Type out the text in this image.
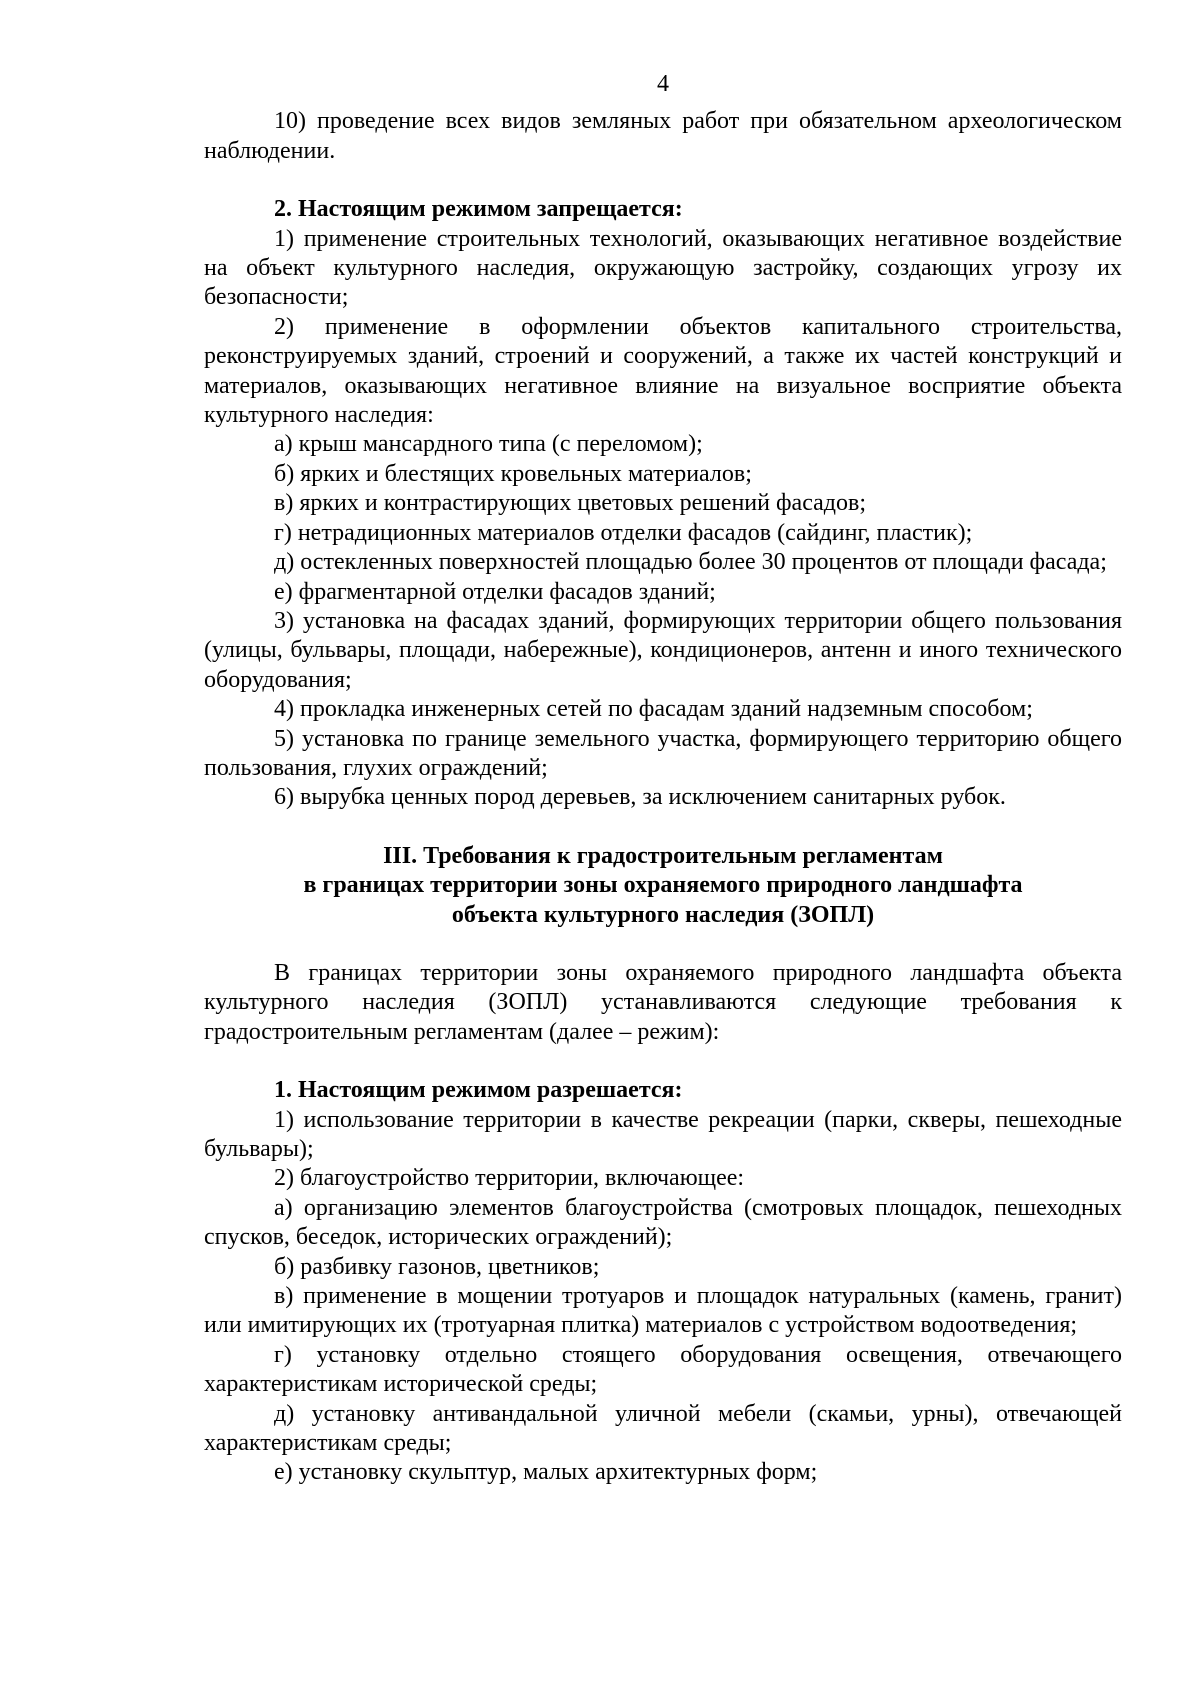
4

10) проведение всех видов земляных работ при обязательном археологическом наблюдении.

2. Настоящим режимом запрещается:

1) применение строительных технологий, оказывающих негативное воздействие на объект культурного наследия, окружающую застройку, создающих угрозу их безопасности;

2) применение в оформлении объектов капитального строительства, реконструируемых зданий, строений и сооружений, а также их частей конструкций и материалов, оказывающих негативное влияние на визуальное восприятие объекта культурного наследия:

а) крыш мансардного типа (с переломом);

б) ярких и блестящих кровельных материалов;

в) ярких и контрастирующих цветовых решений фасадов;

г) нетрадиционных материалов отделки фасадов (сайдинг, пластик);

д) остекленных поверхностей площадью более 30 процентов от площади фасада;

е) фрагментарной отделки фасадов зданий;

3) установка на фасадах зданий, формирующих территории общего пользования (улицы, бульвары, площади, набережные), кондиционеров, антенн и иного технического оборудования;

4) прокладка инженерных сетей по фасадам зданий надземным способом;

5) установка по границе земельного участка, формирующего территорию общего пользования, глухих ограждений;

6) вырубка ценных пород деревьев, за исключением санитарных рубок.

III. Требования к градостроительным регламентам
в границах территории зоны охраняемого природного ландшафта
объекта культурного наследия (ЗОПЛ)

В границах территории зоны охраняемого природного ландшафта объекта культурного наследия (ЗОПЛ) устанавливаются следующие требования к градостроительным регламентам (далее – режим):

1. Настоящим режимом разрешается:

1) использование территории в качестве рекреации (парки, скверы, пешеходные бульвары);

2) благоустройство территории, включающее:

а) организацию элементов благоустройства (смотровых площадок, пешеходных спусков, беседок, исторических ограждений);

б) разбивку газонов, цветников;

в) применение в мощении тротуаров и площадок натуральных (камень, гранит) или имитирующих их (тротуарная плитка) материалов с устройством водоотведения;

г) установку отдельно стоящего оборудования освещения, отвечающего характеристикам исторической среды;

д) установку антивандальной уличной мебели (скамьи, урны), отвечающей характеристикам среды;

е) установку скульптур, малых архитектурных форм;
